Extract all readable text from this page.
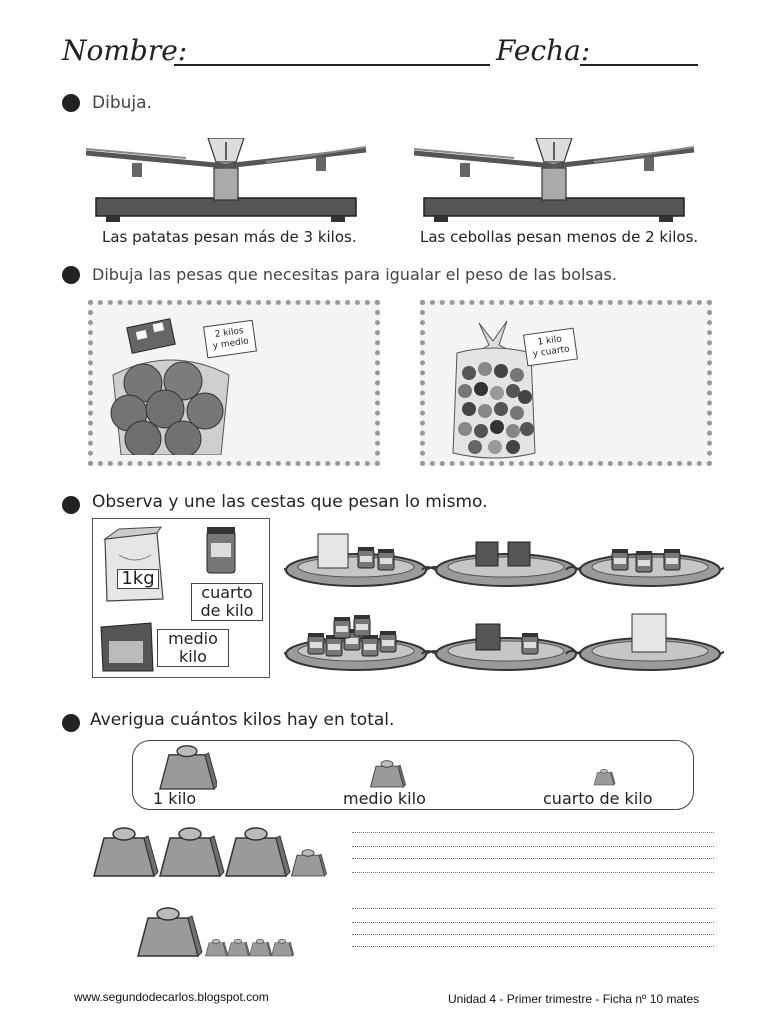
Nombre:	Fecha:
Dibuja.
Las patatas pesan más de 3 kilos.	Las cebollas pesan menos de 2 kilos.
Dibuja las pesas que necesitas para igualar el peso de las bolsas.
2 kilos
y medio	1 kilo
y cuarto
Observa y une las cestas que pesan lo mismo.
1kg
cuarto
de kilo
medio
kilo
Averigua cuántos kilos hay en total.
1 kilo	medio kilo	cuarto de kilo
www.segundodecarlos.blogspot.com	Unidad 4 - Primer trimestre - Ficha nº 10 mates
